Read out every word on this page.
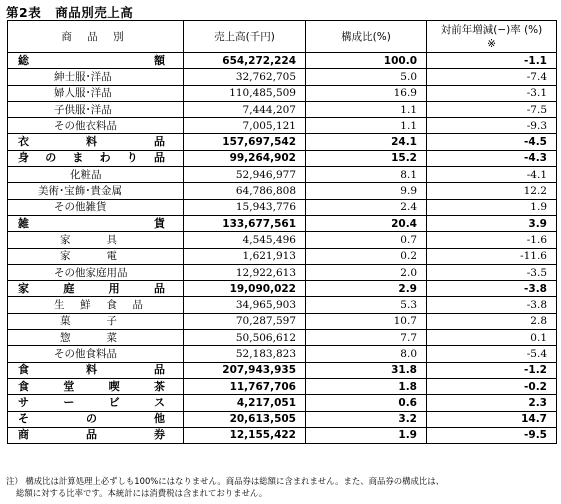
第2表 商品別売上高
商 品 別	売上高(千円)	構成比(%)	対前年増減(−)率 (%)
※

総　　額	654,272,224	100.0	-1.1
紳士服･洋品	32,762,705	5.0	-7.4
婦人服･洋品	110,485,509	16.9	-3.1
子供服･洋品	7,444,207	1.1	-7.5
その他衣料品	7,005,121	1.1	-9.3
衣　料　品	157,697,542	24.1	-4.5
身のまわり品	99,264,902	15.2	-4.3
化粧品	52,946,977	8.1	-4.1
美術･宝飾･貴金属	64,786,808	9.9	12.2
その他雑貨	15,943,776	2.4	1.9
雑　　貨	133,677,561	20.4	3.9
家　具	4,545,496	0.7	-1.6
家　電	1,621,913	0.2	-11.6
その他家庭用品	12,922,613	2.0	-3.5
家　庭　用　品	19,090,022	2.9	-3.8
生　鮮　食　品	34,965,903	5.3	-3.8
菓　子	70,287,597	10.7	2.8
惣　菜	50,506,612	7.7	0.1
その他食料品	52,183,823	8.0	-5.4
食　料　品	207,943,935	31.8	-1.2
食　堂　喫　茶	11,767,706	1.8	-0.2
サ　ー　ビ　ス	4,217,051	0.6	2.3
そ　の　他	20,613,505	3.2	14.7
商　品　券	12,155,422	1.9	-9.5
注） 構成比は計算処理上必ずしも100%にはなりません。商品券は総額に含まれません。また、商品券の構成比は、
総額に対する比率です。本統計には消費税は含まれておりません。
